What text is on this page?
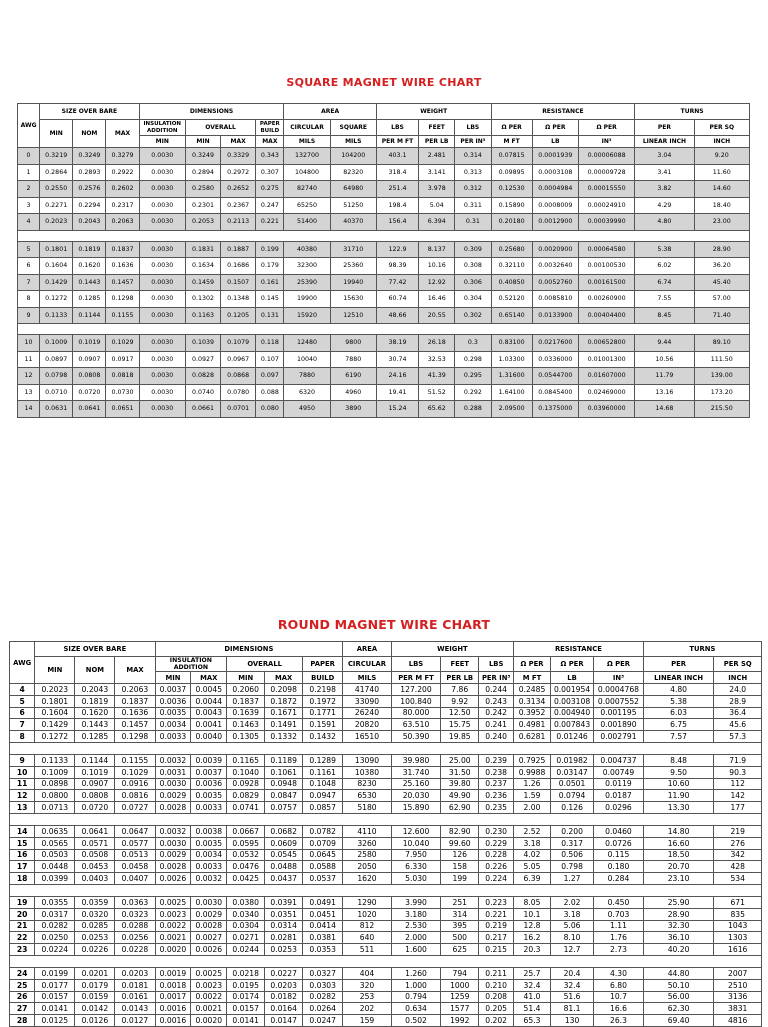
SQUARE MAGNET WIRE CHART
AWG	SIZE OVER BARE			DIMENSIONS				AREA		WEIGHT			RESISTANCE			TURNS	
	MIN	NOM	MAX	INSULATION ADDITION	OVERALL		PAPER BUILD	CIRCULAR	SQUARE	LBS	FEET	LBS	Ω PER	Ω PER	Ω PER	PER	PER SQ
				MIN	MIN	MAX	MAX	MILS	MILS	PER M FT	PER LB	PER IN³	M FT	LB	IN³	LINEAR INCH	INCH
0	0.3219	0.3249	0.3279	0.0030	0.3249	0.3329	0.343	132700	104200	403.1	2.481	0.314	0.07815	0.0001939	0.00006088	3.04	9.20
1	0.2864	0.2893	0.2922	0.0030	0.2894	0.2972	0.307	104800	82320	318.4	3.141	0.313	0.09895	0.0003108	0.00009728	3.41	11.60
2	0.2550	0.2576	0.2602	0.0030	0.2580	0.2652	0.275	82740	64980	251.4	3.978	0.312	0.12530	0.0004984	0.00015550	3.82	14.60
3	0.2271	0.2294	0.2317	0.0030	0.2301	0.2367	0.247	65250	51250	198.4	5.04	0.311	0.15890	0.0008009	0.00024910	4.29	18.40
4	0.2023	0.2043	0.2063	0.0030	0.2053	0.2113	0.221	51400	40370	156.4	6.394	0.31	0.20180	0.0012900	0.00039990	4.80	23.00

5	0.1801	0.1819	0.1837	0.0030	0.1831	0.1887	0.199	40380	31710	122.9	8.137	0.309	0.25680	0.0020900	0.00064580	5.38	28.90
6	0.1604	0.1620	0.1636	0.0030	0.1634	0.1686	0.179	32300	25360	98.39	10.16	0.308	0.32110	0.0032640	0.00100530	6.02	36.20
7	0.1429	0.1443	0.1457	0.0030	0.1459	0.1507	0.161	25390	19940	77.42	12.92	0.306	0.40850	0.0052760	0.00161500	6.74	45.40
8	0.1272	0.1285	0.1298	0.0030	0.1302	0.1348	0.145	19900	15630	60.74	16.46	0.304	0.52120	0.0085810	0.00260900	7.55	57.00
9	0.1133	0.1144	0.1155	0.0030	0.1163	0.1205	0.131	15920	12510	48.66	20.55	0.302	0.65140	0.0133900	0.00404400	8.45	71.40

10	0.1009	0.1019	0.1029	0.0030	0.1039	0.1079	0.118	12480	9800	38.19	26.18	0.3	0.83100	0.0217600	0.00652800	9.44	89.10
11	0.0897	0.0907	0.0917	0.0030	0.0927	0.0967	0.107	10040	7880	30.74	32.53	0.298	1.03300	0.0336000	0.01001300	10.56	111.50
12	0.0798	0.0808	0.0818	0.0030	0.0828	0.0868	0.097	7880	6190	24.16	41.39	0.295	1.31600	0.0544700	0.01607000	11.79	139.00
13	0.0710	0.0720	0.0730	0.0030	0.0740	0.0780	0.088	6320	4960	19.41	51.52	0.292	1.64100	0.0845400	0.02469000	13.16	173.20
14	0.0631	0.0641	0.0651	0.0030	0.0661	0.0701	0.080	4950	3890	15.24	65.62	0.288	2.09500	0.1375000	0.03960000	14.68	215.50
ROUND MAGNET WIRE CHART
AWG	SIZE OVER BARE			DIMENSIONS					AREA	WEIGHT			RESISTANCE			TURNS	
	MIN	NOM	MAX	INSULATION ADDITION		OVERALL		PAPER	CIRCULAR	LBS	FEET	LBS	Ω PER	Ω PER	Ω PER	PER	PER SQ
				MIN	MAX	MIN	MAX	BUILD	MILS	PER M FT	PER LB	PER IN³	M FT	LB	IN³	LINEAR INCH	INCH
4	0.2023	0.2043	0.2063	0.0037	0.0045	0.2060	0.2098	0.2198	41740	127.200	7.86	0.244	0.2485	0.001954	0.0004768	4.80	24.0
5	0.1801	0.1819	0.1837	0.0036	0.0044	0.1837	0.1872	0.1972	33090	100.840	9.92	0.243	0.3134	0.003108	0.0007552	5.38	28.9
6	0.1604	0.1620	0.1636	0.0035	0.0043	0.1639	0.1671	0.1771	26240	80.000	12.50	0.242	0.3952	0.004940	0.001195	6.03	36.4
7	0.1429	0.1443	0.1457	0.0034	0.0041	0.1463	0.1491	0.1591	20820	63.510	15.75	0.241	0.4981	0.007843	0.001890	6.75	45.6
8	0.1272	0.1285	0.1298	0.0033	0.0040	0.1305	0.1332	0.1432	16510	50.390	19.85	0.240	0.6281	0.01246	0.002791	7.57	57.3

9	0.1133	0.1144	0.1155	0.0032	0.0039	0.1165	0.1189	0.1289	13090	39.980	25.00	0.239	0.7925	0.01982	0.004737	8.48	71.9
10	0.1009	0.1019	0.1029	0.0031	0.0037	0.1040	0.1061	0.1161	10380	31.740	31.50	0.238	0.9988	0.03147	0.00749	9.50	90.3
11	0.0898	0.0907	0.0916	0.0030	0.0036	0.0928	0.0948	0.1048	8230	25.160	39.80	0.237	1.26	0.0501	0.0119	10.60	112
12	0.0800	0.0808	0.0816	0.0029	0.0035	0.0829	0.0847	0.0947	6530	20.030	49.90	0.236	1.59	0.0794	0.0187	11.90	142
13	0.0713	0.0720	0.0727	0.0028	0.0033	0.0741	0.0757	0.0857	5180	15.890	62.90	0.235	2.00	0.126	0.0296	13.30	177

14	0.0635	0.0641	0.0647	0.0032	0.0038	0.0667	0.0682	0.0782	4110	12.600	82.90	0.230	2.52	0.200	0.0460	14.80	219
15	0.0565	0.0571	0.0577	0.0030	0.0035	0.0595	0.0609	0.0709	3260	10.040	99.60	0.229	3.18	0.317	0.0726	16.60	276
16	0.0503	0.0508	0.0513	0.0029	0.0034	0.0532	0.0545	0.0645	2580	7.950	126	0.228	4.02	0.506	0.115	18.50	342
17	0.0448	0.0453	0.0458	0.0028	0.0033	0.0476	0.0488	0.0588	2050	6.330	158	0.226	5.05	0.798	0.180	20.70	428
18	0.0399	0.0403	0.0407	0.0026	0.0032	0.0425	0.0437	0.0537	1620	5.030	199	0.224	6.39	1.27	0.284	23.10	534

19	0.0355	0.0359	0.0363	0.0025	0.0030	0.0380	0.0391	0.0491	1290	3.990	251	0.223	8.05	2.02	0.450	25.90	671
20	0.0317	0.0320	0.0323	0.0023	0.0029	0.0340	0.0351	0.0451	1020	3.180	314	0.221	10.1	3.18	0.703	28.90	835
21	0.0282	0.0285	0.0288	0.0022	0.0028	0.0304	0.0314	0.0414	812	2.530	395	0.219	12.8	5.06	1.11	32.30	1043
22	0.0250	0.0253	0.0256	0.0021	0.0027	0.0271	0.0281	0.0381	640	2.000	500	0.217	16.2	8.10	1.76	36.10	1303
23	0.0224	0.0226	0.0228	0.0020	0.0026	0.0244	0.0253	0.0353	511	1.600	625	0.215	20.3	12.7	2.73	40.20	1616

24	0.0199	0.0201	0.0203	0.0019	0.0025	0.0218	0.0227	0.0327	404	1.260	794	0.211	25.7	20.4	4.30	44.80	2007
25	0.0177	0.0179	0.0181	0.0018	0.0023	0.0195	0.0203	0.0303	320	1.000	1000	0.210	32.4	32.4	6.80	50.10	2510
26	0.0157	0.0159	0.0161	0.0017	0.0022	0.0174	0.0182	0.0282	253	0.794	1259	0.208	41.0	51.6	10.7	56.00	3136
27	0.0141	0.0142	0.0143	0.0016	0.0021	0.0157	0.0164	0.0264	202	0.634	1577	0.205	51.4	81.1	16.6	62.30	3831
28	0.0125	0.0126	0.0127	0.0016	0.0020	0.0141	0.0147	0.0247	159	0.502	1992	0.202	65.3	130	26.3	69.40	4816
